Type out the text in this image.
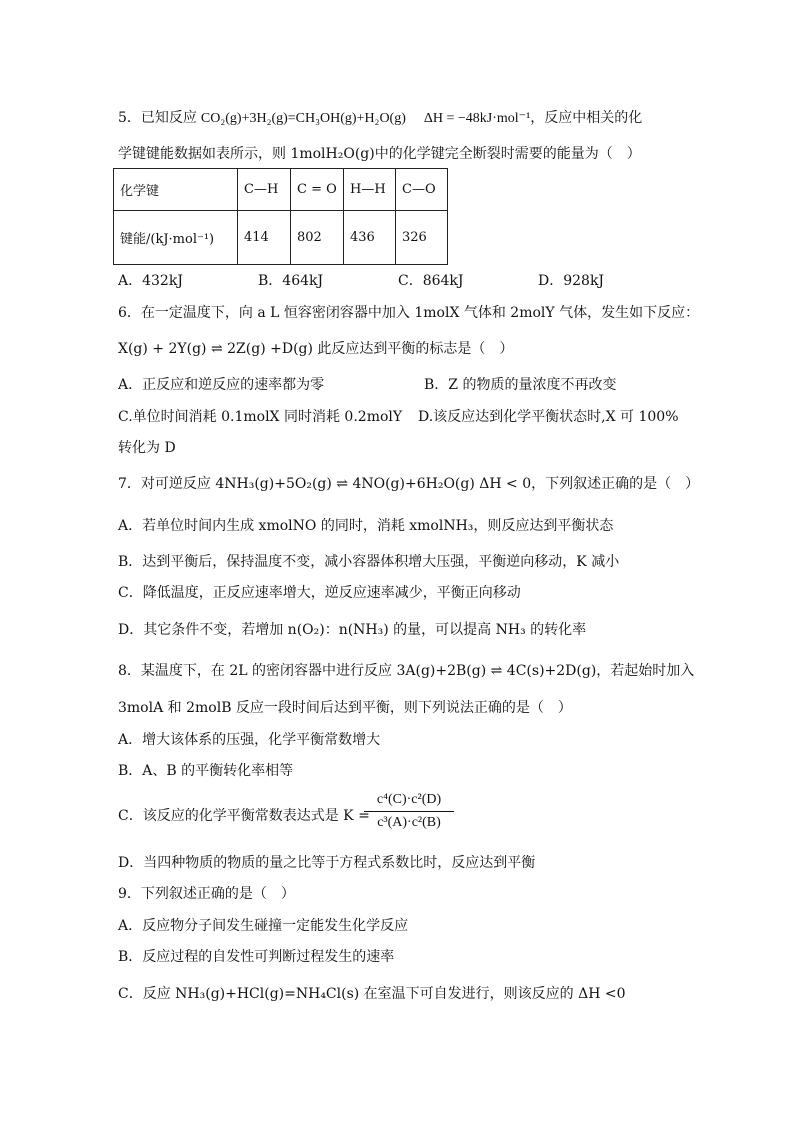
5．已知反应 CO₂(g)+3H₂(g)=CH₃OH(g)+H₂O(g) ΔH = −48kJ·mol⁻¹，反应中相关的化
学键键能数据如表所示，则 1molH₂O(g)中的化学键完全断裂时需要的能量为（　）
化学键	C—H	C = O	H—H	C—O
键能/(kJ·mol⁻¹)	414	802	436	326
A．432kJ	B．464kJ	C．864kJ	D．928kJ
6．在一定温度下，向 a L 恒容密闭容器中加入 1molX 气体和 2molY 气体，发生如下反应：
X(g) + 2Y(g) ⇌ 2Z(g) +D(g) 此反应达到平衡的标志是（　）
A．正反应和逆反应的速率都为零	B．Z 的物质的量浓度不再改变
C.单位时间消耗 0.1molX 同时消耗 0.2molY D.该反应达到化学平衡状态时,X 可 100%
转化为 D
7．对可逆反应 4NH₃(g)+5O₂(g) ⇌ 4NO(g)+6H₂O(g) ΔH < 0，下列叙述正确的是（　）
A．若单位时间内生成 xmolNO 的同时，消耗 xmolNH₃，则反应达到平衡状态
B．达到平衡后，保持温度不变，减小容器体积增大压强，平衡逆向移动，K 减小
C．降低温度，正反应速率增大，逆反应速率减少，平衡正向移动
D．其它条件不变，若增加 n(O₂)：n(NH₃) 的量，可以提高 NH₃ 的转化率
8．某温度下，在 2L 的密闭容器中进行反应 3A(g)+2B(g) ⇌ 4C(s)+2D(g)，若起始时加入
3molA 和 2molB 反应一段时间后达到平衡，则下列说法正确的是（　）
A．增大该体系的压强，化学平衡常数增大
B．A、B 的平衡转化率相等
C．该反应的化学平衡常数表达式是 K =
c⁴(C)·c²(D)
c³(A)·c²(B)
D．当四种物质的物质的量之比等于方程式系数比时，反应达到平衡
9．下列叙述正确的是（　）
A．反应物分子间发生碰撞一定能发生化学反应
B．反应过程的自发性可判断过程发生的速率
C．反应 NH₃(g)+HCl(g)=NH₄Cl(s) 在室温下可自发进行，则该反应的 ΔH <0
